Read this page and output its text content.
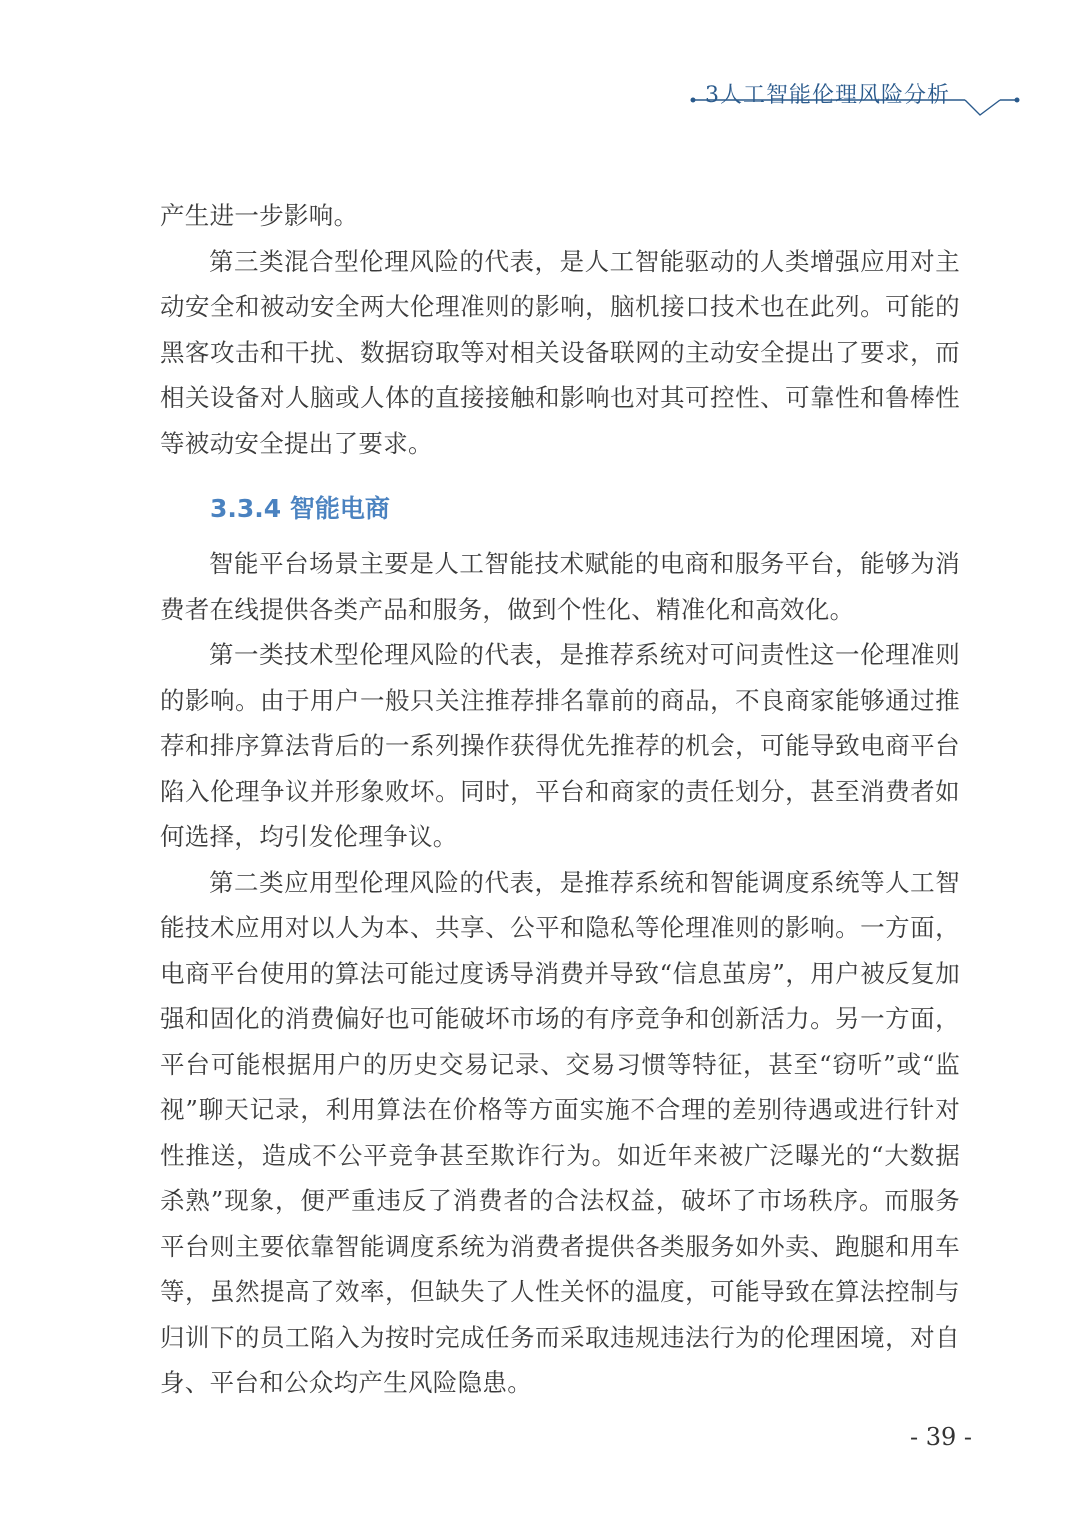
3人工智能伦理风险分析

产生进一步影响。

第三类混合型伦理风险的代表，是人工智能驱动的人类增强应用对主动安全和被动安全两大伦理准则的影响，脑机接口技术也在此列。可能的黑客攻击和干扰、数据窃取等对相关设备联网的主动安全提出了要求，而相关设备对人脑或人体的直接接触和影响也对其可控性、可靠性和鲁棒性等被动安全提出了要求。

3.3.4 智能电商

智能平台场景主要是人工智能技术赋能的电商和服务平台，能够为消费者在线提供各类产品和服务，做到个性化、精准化和高效化。

第一类技术型伦理风险的代表，是推荐系统对可问责性这一伦理准则的影响。由于用户一般只关注推荐排名靠前的商品，不良商家能够通过推荐和排序算法背后的一系列操作获得优先推荐的机会，可能导致电商平台陷入伦理争议并形象败坏。同时，平台和商家的责任划分，甚至消费者如何选择，均引发伦理争议。

第二类应用型伦理风险的代表，是推荐系统和智能调度系统等人工智能技术应用对以人为本、共享、公平和隐私等伦理准则的影响。一方面，电商平台使用的算法可能过度诱导消费并导致“信息茧房”，用户被反复加强和固化的消费偏好也可能破坏市场的有序竞争和创新活力。另一方面，平台可能根据用户的历史交易记录、交易习惯等特征，甚至“窃听”或“监视”聊天记录，利用算法在价格等方面实施不合理的差别待遇或进行针对性推送，造成不公平竞争甚至欺诈行为。如近年来被广泛曝光的“大数据杀熟”现象，便严重违反了消费者的合法权益，破坏了市场秩序。而服务平台则主要依靠智能调度系统为消费者提供各类服务如外卖、跑腿和用车等，虽然提高了效率，但缺失了人性关怀的温度，可能导致在算法控制与归训下的员工陷入为按时完成任务而采取违规违法行为的伦理困境，对自身、平台和公众均产生风险隐患。

- 39 -
